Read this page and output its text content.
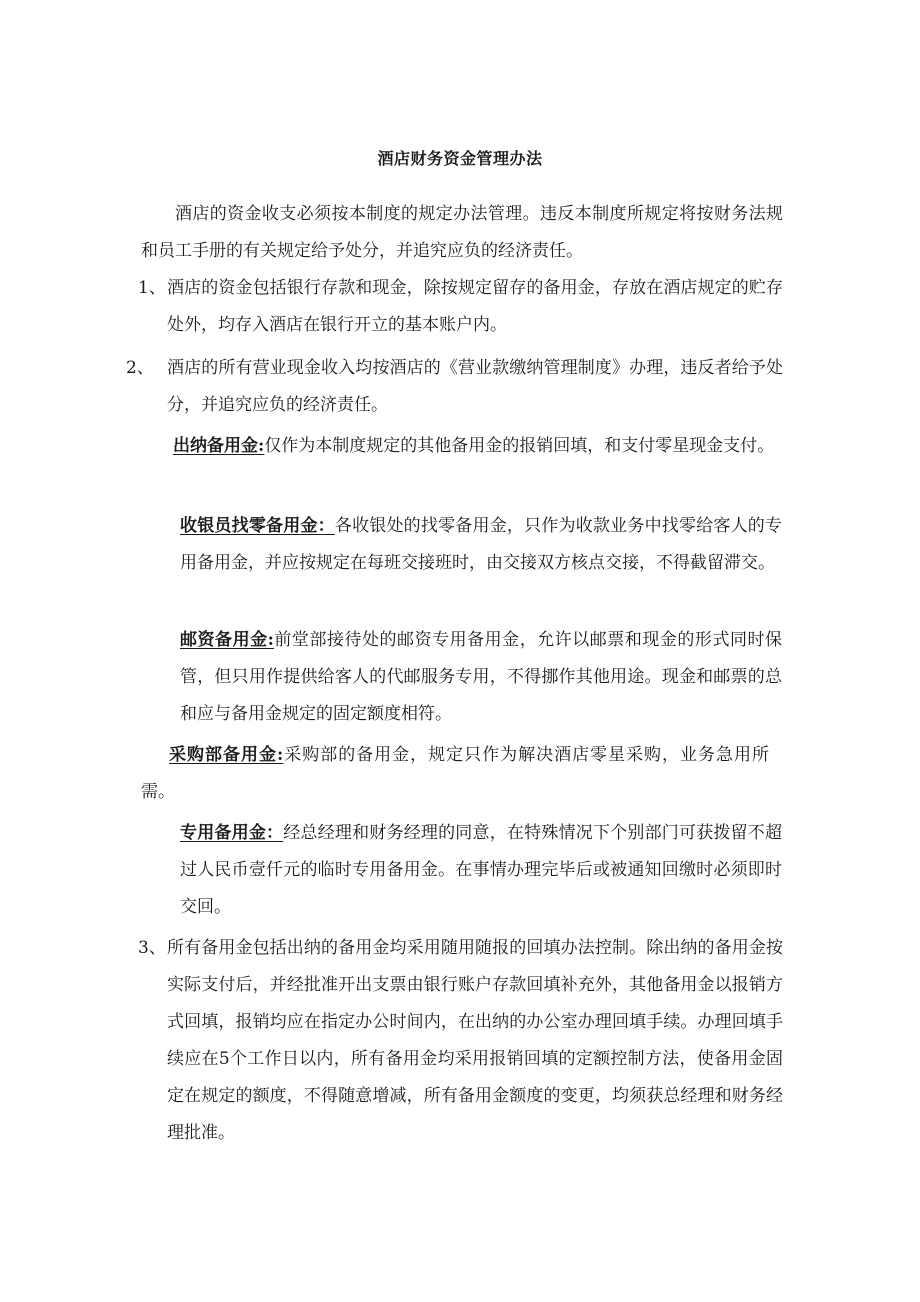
酒店财务资金管理办法

酒店的资金收支必须按本制度的规定办法管理。违反本制度所规定将按财务法规和员工手册的有关规定给予处分，并追究应负的经济责任。

1、 酒店的资金包括银行存款和现金，除按规定留存的备用金，存放在酒店规定的贮存处外，均存入酒店在银行开立的基本账户内。

2、 酒店的所有营业现金收入均按酒店的《营业款缴纳管理制度》办理，违反者给予处分，并追究应负的经济责任。

出纳备用金:仅作为本制度规定的其他备用金的报销回填，和支付零星现金支付。

收银员找零备用金：各收银处的找零备用金，只作为收款业务中找零给客人的专用备用金，并应按规定在每班交接班时，由交接双方核点交接，不得截留滞交。

邮资备用金:前堂部接待处的邮资专用备用金，允许以邮票和现金的形式同时保管，但只用作提供给客人的代邮服务专用，不得挪作其他用途。现金和邮票的总和应与备用金规定的固定额度相符。

采购部备用金:采购部的备用金，规定只作为解决酒店零星采购，业务急用所需。

专用备用金：经总经理和财务经理的同意，在特殊情况下个别部门可获拨留不超过人民币壹仟元的临时专用备用金。在事情办理完毕后或被通知回缴时必须即时交回。

3、 所有备用金包括出纳的备用金均采用随用随报的回填办法控制。除出纳的备用金按实际支付后，并经批准开出支票由银行账户存款回填补充外，其他备用金以报销方式回填，报销均应在指定办公时间内，在出纳的办公室办理回填手续。办理回填手续应在5个工作日以内，所有备用金均采用报销回填的定额控制方法，使备用金固定在规定的额度，不得随意增减，所有备用金额度的变更，均须获总经理和财务经理批准。
